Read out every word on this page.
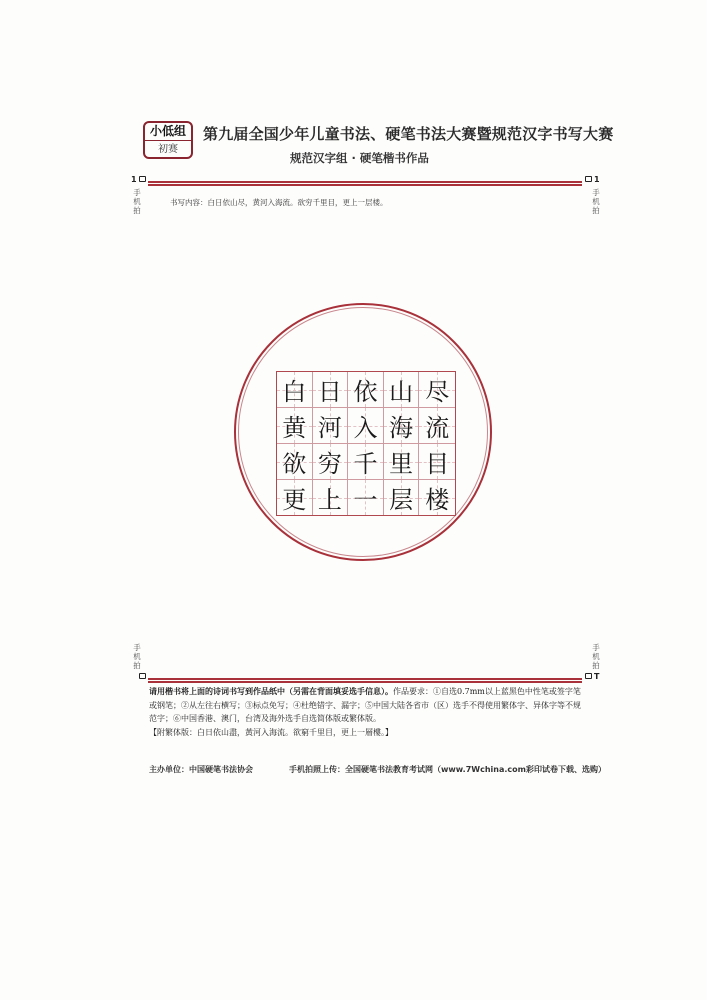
小低组
初赛
第九届全国少年儿童书法、硬笔书法大赛暨规范汉字书写大赛
规范汉字组 · 硬笔楷书作品
1	1
手机拍
手机拍
书写内容：白日依山尽，黄河入海流。欲穷千里目，更上一层楼。
白 日 依 山 尽
黄 河 入 海 流
欲 穷 千 里 目
更 上 一 层 楼
手机拍
手机拍
T
请用楷书将上面的诗词书写到作品纸中（另需在背面填妥选手信息）。作品要求：①自选0.7mm以上蓝黑色中性笔或签字笔或钢笔；②从左往右横写；③标点免写；④杜绝错字、漏字；⑤中国大陆各省市（区）选手不得使用繁体字、异体字等不规范字；⑥中国香港、澳门，台湾及海外选手自选简体版或繁体版。
【附繁体版：白日依山盡，黃河入海流。欲窮千里目，更上一層樓。】
主办单位：中国硬笔书法协会	手机拍照上传：全国硬笔书法教育考试网（www.7Wchina.com彩印试卷下载、选购）
